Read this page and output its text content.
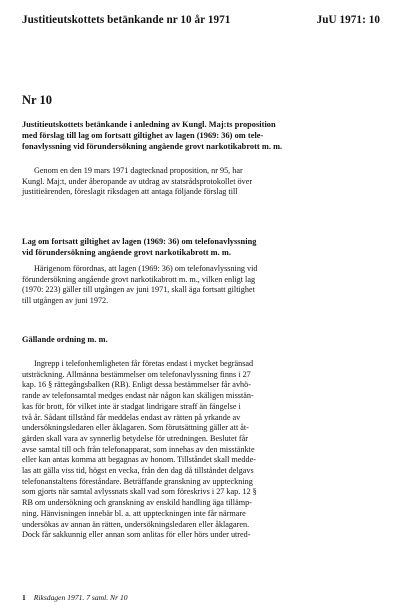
Justitieutskottets betänkande nr 10 år 1971	JuU 1971: 10
Nr 10
Justitieutskottets betänkande i anledning av Kungl. Maj:ts proposition
med förslag till lag om fortsatt giltighet av lagen (1969: 36) om tele-
fonavlyssning vid förundersökning angående grovt narkotikabrott m. m.
Genom en den 19 mars 1971 dagtecknad proposition, nr 95, har
Kungl. Maj:t, under åberopande av utdrag av statsrådsprotokollet över
justitieärenden, föreslagit riksdagen att antaga följande förslag till
Lag om fortsatt giltighet av lagen (1969: 36) om telefonavlyssning
vid förundersökning angående grovt narkotikabrott m. m.
Härigenom förordnas, att lagen (1969: 36) om telefonavlyssning vid
förundersökning angående grovt narkotikabrott m. m., vilken enligt lag
(1970: 223) gäller till utgången av juni 1971, skall äga fortsatt giltighet
till utgången av juni 1972.
Gällande ordning m. m.
Ingrepp i telefonhemligheten får företas endast i mycket begränsad
utsträckning. Allmänna bestämmelser om telefonavlyssning finns i 27
kap. 16 § rättegångsbalken (RB). Enligt dessa bestämmelser får avhö-
rande av telefonsamtal medges endast när någon kan skäligen misstän-
kas för brott, för vilket inte är stadgat lindrigare straff än fängelse i
två år. Sådant tillstånd får meddelas endast av rätten på yrkande av
undersökningsledaren eller åklagaren. Som förutsättning gäller att åt-
gärden skall vara av synnerlig betydelse för utredningen. Beslutet får
avse samtal till och från telefonapparat, som innehas av den misstänkte
eller kan antas komma att begagnas av honom. Tillståndet skall medde-
las att gälla viss tid, högst en vecka, från den dag då tillståndet delgavs
telefonanstaltens föreståndare. Beträffande granskning av uppteckning
som gjorts när samtal avlyssnats skall vad som föreskrivs i 27 kap. 12 §
RB om undersökning och granskning av enskild handling äga tillämp-
ning. Hänvisningen innebär bl. a. att uppteckningen inte får närmare
undersökas av annan än rätten, undersökningsledaren eller åklagaren.
Dock får sakkunnig eller annan som anlitas för eller hörs under utred-
1 Riksdagen 1971. 7 saml. Nr 10
